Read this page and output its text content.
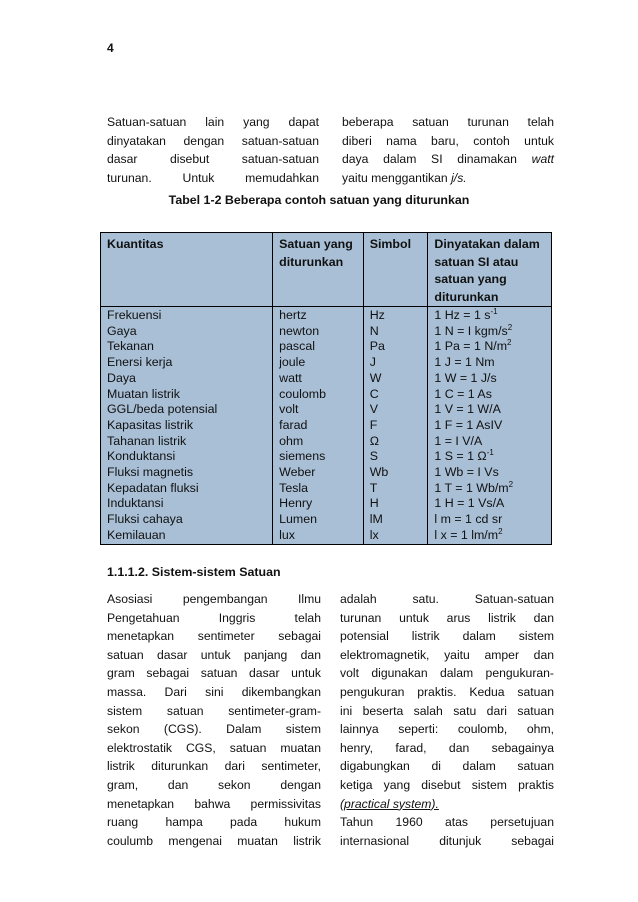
4

Satuan-satuan lain yang dapat

dinyatakan dengan satuan-satuan

dasar disebut satuan-satuan

turunan. Untuk memudahkan

beberapa satuan turunan telah

diberi nama baru, contoh untuk

daya dalam SI dinamakan watt

yaitu menggantikan j/s.

Tabel 1-2 Beberapa contoh satuan yang diturunkan
Kuantitas	Satuan yang diturunkan	Simbol	Dinyatakan dalam satuan SI atau satuan yang diturunkan
Frekuensi	hertz	Hz	1 Hz = 1 $s^{-1}$
Gaya	newton	N	1 N = I kgm/$s^2$
Tekanan	pascal	Pa	1 Pa = 1 $N/m^2$
Enersi kerja	joule	J	1 J = 1 Nm
Daya	watt	W	1 W = 1 J/s
Muatan listrik	coulomb	C	1 C = 1 As
GGL/beda potensial	volt	V	1 V = 1 W/A
Kapasitas listrik	farad	F	1 F = 1 AsIV
Tahanan listrik	ohm	Ω	1 = I V/A
Konduktansi	siemens	S	1 S = 1 $\Omega^{-1}$
Fluksi magnetis	Weber	Wb	1 Wb = I Vs
Kepadatan fluksi	Tesla	T	1 T = 1 $Wb/m^2$
Induktansi	Henry	H	1 H = 1 Vs/A
Fluksi cahaya	Lumen	lM	l m = 1 cd sr
Kemilauan	lux	lx	l x = 1 $lm/m^2$
1.1.1.2. Sistem-sistem Satuan

Asosiasi pengembangan Ilmu

Pengetahuan Inggris telah

menetapkan sentimeter sebagai

satuan dasar untuk panjang dan

gram sebagai satuan dasar untuk

massa. Dari sini dikembangkan

sistem satuan sentimeter-gram-

sekon (CGS). Dalam sistem

elektrostatik CGS, satuan muatan

listrik diturunkan dari sentimeter,

gram, dan sekon dengan

menetapkan bahwa permissivitas

ruang hampa pada hukum

coulumb mengenai muatan listrik

adalah satu. Satuan-satuan

turunan untuk arus listrik dan

potensial listrik dalam sistem

elektromagnetik, yaitu amper dan

volt digunakan dalam pengukuran-

pengukuran praktis. Kedua satuan

ini beserta salah satu dari satuan

lainnya seperti: coulomb, ohm,

henry, farad, dan sebagainya

digabungkan di dalam satuan

ketiga yang disebut sistem praktis

(practical system).

Tahun 1960 atas persetujuan

internasional ditunjuk sebagai
